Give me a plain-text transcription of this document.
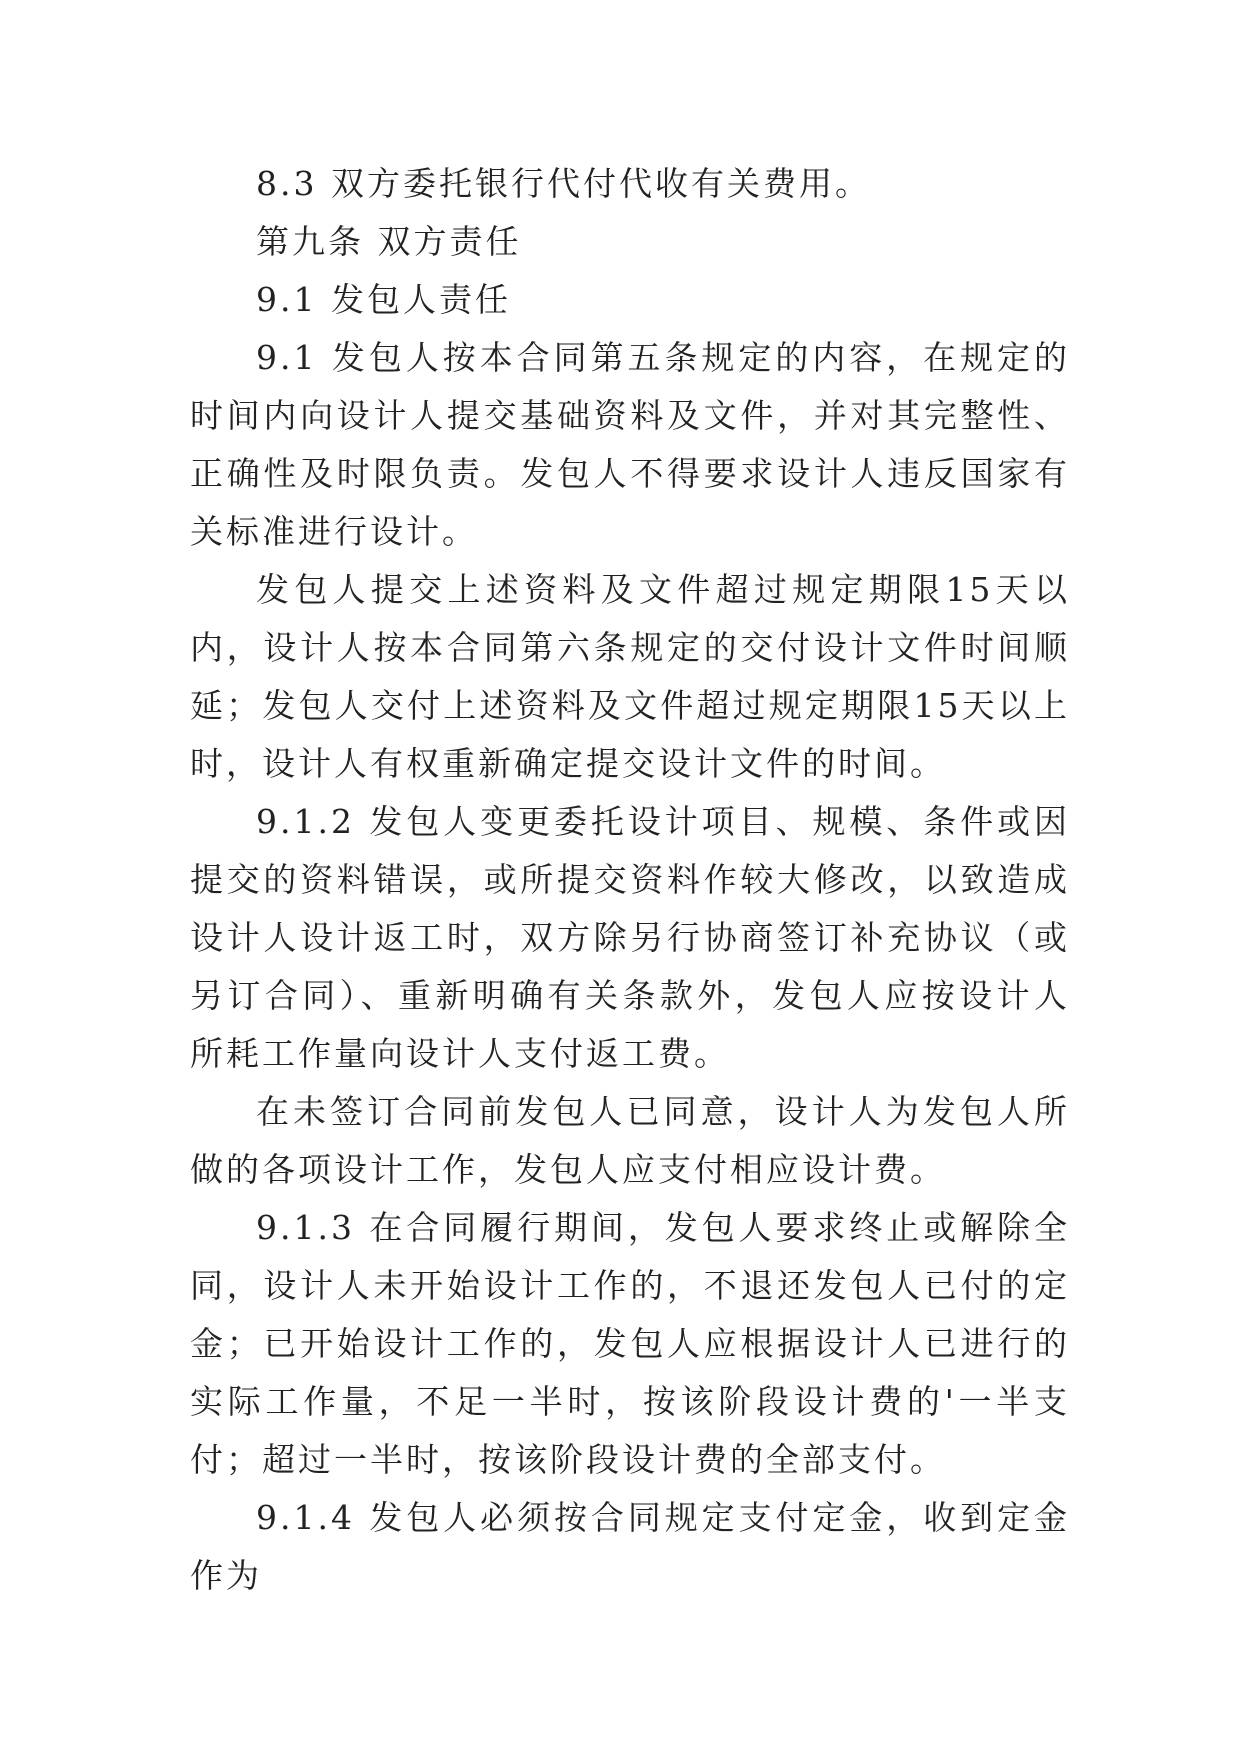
8.3 双方委托银行代付代收有关费用。

第九条 双方责任

9.1 发包人责任

9.1 发包人按本合同第五条规定的内容，在规定的时间内向设计人提交基础资料及文件，并对其完整性、正确性及时限负责。发包人不得要求设计人违反国家有关标准进行设计。

发包人提交上述资料及文件超过规定期限15天以内，设计人按本合同第六条规定的交付设计文件时间顺延；发包人交付上述资料及文件超过规定期限15天以上时，设计人有权重新确定提交设计文件的时间。

9.1.2 发包人变更委托设计项目、规模、条件或因提交的资料错误，或所提交资料作较大修改，以致造成设计人设计返工时，双方除另行协商签订补充协议（或另订合同）、重新明确有关条款外，发包人应按设计人所耗工作量向设计人支付返工费。

在未签订合同前发包人已同意，设计人为发包人所做的各项设计工作，发包人应支付相应设计费。

9.1.3 在合同履行期间，发包人要求终止或解除全同，设计人未开始设计工作的，不退还发包人已付的定金；已开始设计工作的，发包人应根据设计人已进行的实际工作量，不足一半时，按该阶段设计费的'一半支付；超过一半时，按该阶段设计费的全部支付。

9.1.4 发包人必须按合同规定支付定金，收到定金作为
